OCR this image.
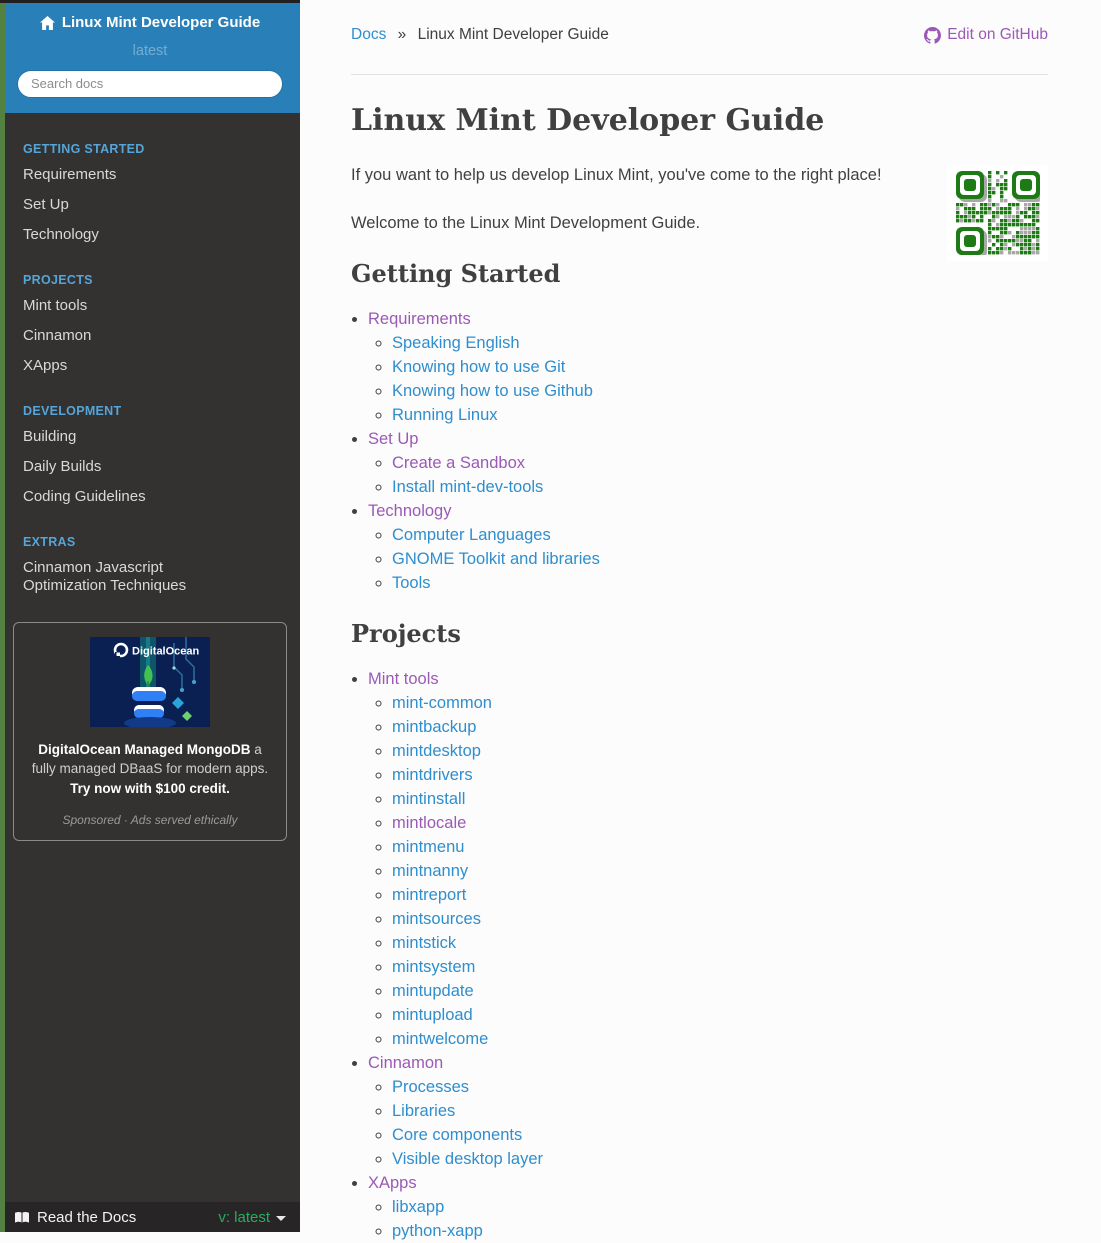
Linux Mint Developer Guide
latest
Search docs
GETTING STARTED
Requirements
Set Up
Technology
PROJECTS
Mint tools
Cinnamon
XApps
DEVELOPMENT
Building
Daily Builds
Coding Guidelines
EXTRAS
Cinnamon Javascript Optimization Techniques
DigitalOcean
DigitalOcean Managed MongoDB a fully managed DBaaS for modern apps.
Try now with $100 credit.
Sponsored · Ads served ethically
Read the Docs	v: latest
Docs » Linux Mint Developer Guide	Edit on GitHub
Linux Mint Developer Guide

If you want to help us develop Linux Mint, you've come to the right place!

Welcome to the Linux Mint Development Guide.

Getting Started
• Requirements
◦ Speaking English
◦ Knowing how to use Git
◦ Knowing how to use Github
◦ Running Linux
• Set Up
◦ Create a Sandbox
◦ Install mint-dev-tools
• Technology
◦ Computer Languages
◦ GNOME Toolkit and libraries
◦ Tools
Projects
• Mint tools
◦ mint-common
◦ mintbackup
◦ mintdesktop
◦ mintdrivers
◦ mintinstall
◦ mintlocale
◦ mintmenu
◦ mintnanny
◦ mintreport
◦ mintsources
◦ mintstick
◦ mintsystem
◦ mintupdate
◦ mintupload
◦ mintwelcome
• Cinnamon
◦ Processes
◦ Libraries
◦ Core components
◦ Visible desktop layer
• XApps
◦ libxapp
◦ python-xapp
